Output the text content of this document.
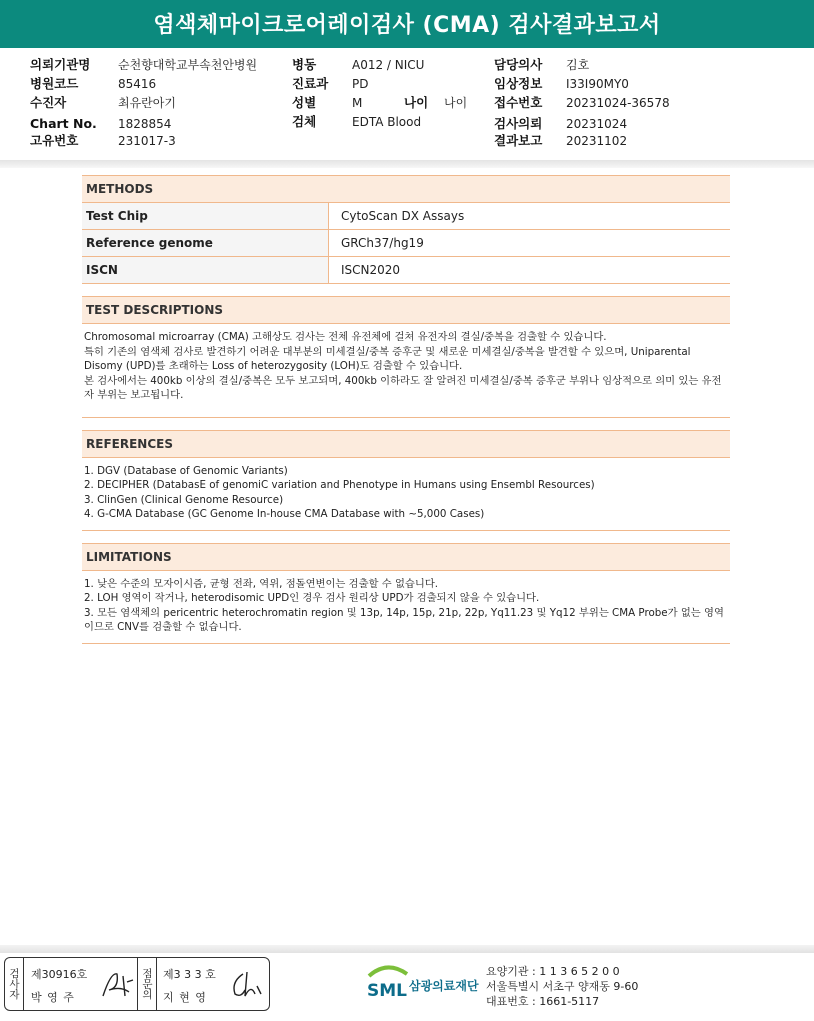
염색체마이크로어레이검사 (CMA) 검사결과보고서
의뢰기관명 순천향대학교부속천안병원
병원코드	85416
수진자	최유란아기
Chart No. 1828854
고유번호	231017-3
병동	A012 / NICU
진료과 PD
성별	M	나이 나이
검체	EDTA Blood
담당의사 김호
임상정보 I33I90MY0
접수번호 20231024-36578
검사의뢰 20231024
결과보고 20231102
METHODS
Test Chip	CytoScan DX Assays
Reference genome	GRCh37/hg19
ISCN	ISCN2020
TEST DESCRIPTIONS

Chromosomal microarray (CMA) 고해상도 검사는 전체 유전체에 걸쳐 유전자의 결실/중복을 검출할 수 있습니다.

특히 기존의 염색체 검사로 발견하기 어려운 대부분의 미세결실/중복 증후군 및 새로운 미세결실/중복을 발견할 수 있으며, Uniparental Disomy (UPD)를 초래하는 Loss of heterozygosity (LOH)도 검출할 수 있습니다.

본 검사에서는 400kb 이상의 결실/중복은 모두 보고되며, 400kb 이하라도 잘 알려진 미세결실/중복 증후군 부위나 임상적으로 의미 있는 유전자 부위는 보고됩니다.

REFERENCES

1. DGV (Database of Genomic Variants)

2. DECIPHER (DatabasE of genomiC variation and Phenotype in Humans using Ensembl Resources)

3. ClinGen (Clinical Genome Resource)

4. G-CMA Database (GC Genome In-house CMA Database with ~5,000 Cases)

LIMITATIONS

1. 낮은 수준의 모자이시즘, 균형 전좌, 역위, 점돌연변이는 검출할 수 없습니다.

2. LOH 영역이 작거나, heterodisomic UPD인 경우 검사 원리상 UPD가 검출되지 않을 수 있습니다.

3. 모든 염색체의 pericentric heterochromatin region 및 13p, 14p, 15p, 21p, 22p, Yq11.23 및 Yq12 부위는 CMA Probe가 없는 영역이므로 CNV를 검출할 수 없습니다.

검사자	제30916호
박 영 주	점문의 제3 3 3 호
지 현 영	SML 삼광의료재단
요양기관 : 1 1 3 6 5 2 0 0
서울특별시 서초구 양재동 9-60
대표번호 : 1661-5117
